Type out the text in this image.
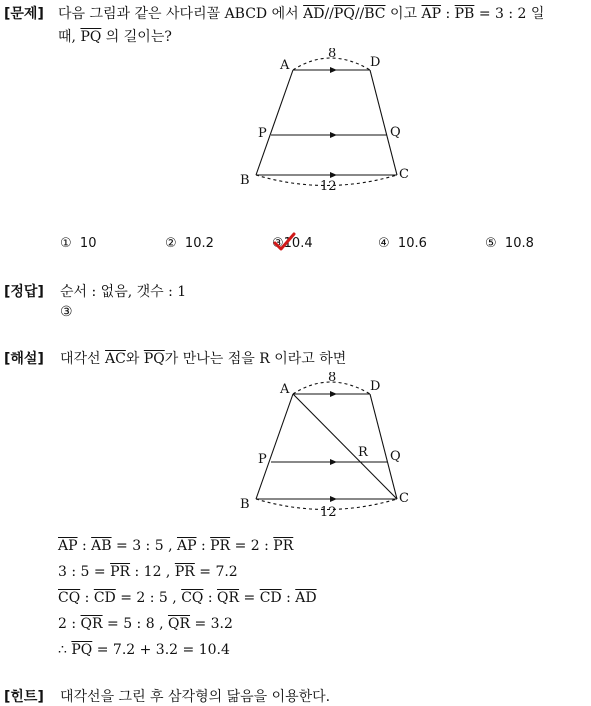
[문제] 다음 그림과 같은 사다리꼴 ABCD 에서 $\overline{AD}//\overline{PQ}//\overline{BC}$ 이고 $\overline{AP}$ : $\overline{PB} = 3$ : 2 일
때, $\overline{PQ}$ 의 길이는?
A	D
P	Q
B	C
8
12
① 10	② 10.2	③10.4	④ 10.6	⑤ 10.8
[정답] 순서 : 없음, 갯수 : 1
③
[해설] 대각선 $\overline{AC}$와 $\overline{PQ}$가 만나는 점을 R 이라고 하면
A	D
P	Q
R
B	C
8
12
$\overline{AP}$ : $\overline{AB} = 3$ : 5 , $\overline{AP}$ : $\overline{PR} = 2$ : $\overline{PR}$
3 : $5 = \overline{PR}$ : 12 , $\overline{PR} = 7.2$
$\overline{CQ}$ : $\overline{CD} = 2$ : 5 , $\overline{CQ}$ : $\overline{QR} = \overline{CD}$ : $\overline{AD}$
2 : $\overline{QR} = 5$ : 8 , $\overline{QR} = 3.2$
∴ $\overline{PQ} = 7.2 + 3.2 = 10.4$
[힌트] 대각선을 그린 후 삼각형의 닮음을 이용한다.
